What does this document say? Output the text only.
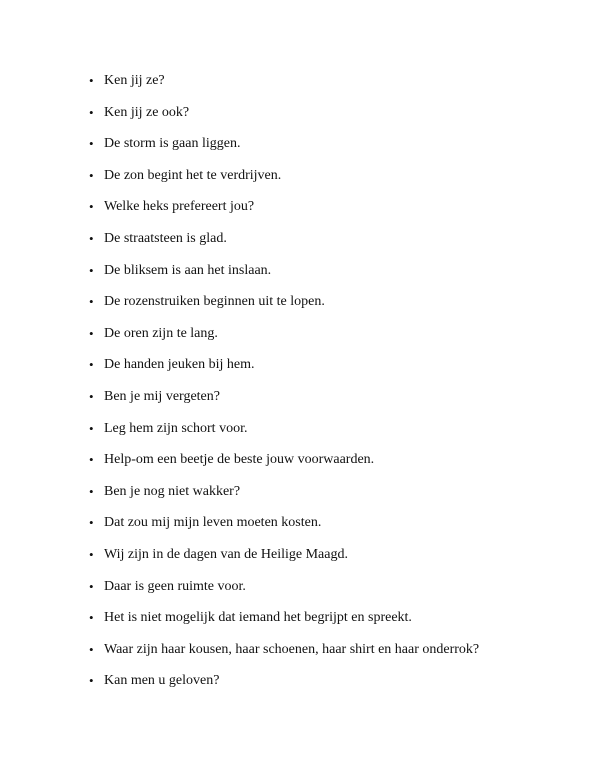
• Ken jij ze?
• Ken jij ze ook?
• De storm is gaan liggen.
• De zon begint het te verdrijven.
• Welke heks prefereert jou?
• De straatsteen is glad.
• De bliksem is aan het inslaan.
• De rozenstruiken beginnen uit te lopen.
• De oren zijn te lang.
• De handen jeuken bij hem.
• Ben je mij vergeten?
• Leg hem zijn schort voor.
• Help-om een beetje de beste jouw voorwaarden.
• Ben je nog niet wakker?
• Dat zou mij mijn leven moeten kosten.
• Wij zijn in de dagen van de Heilige Maagd.
• Daar is geen ruimte voor.
• Het is niet mogelijk dat iemand het begrijpt en spreekt.
• Waar zijn haar kousen, haar schoenen, haar shirt en haar onderrok?
• Kan men u geloven?
